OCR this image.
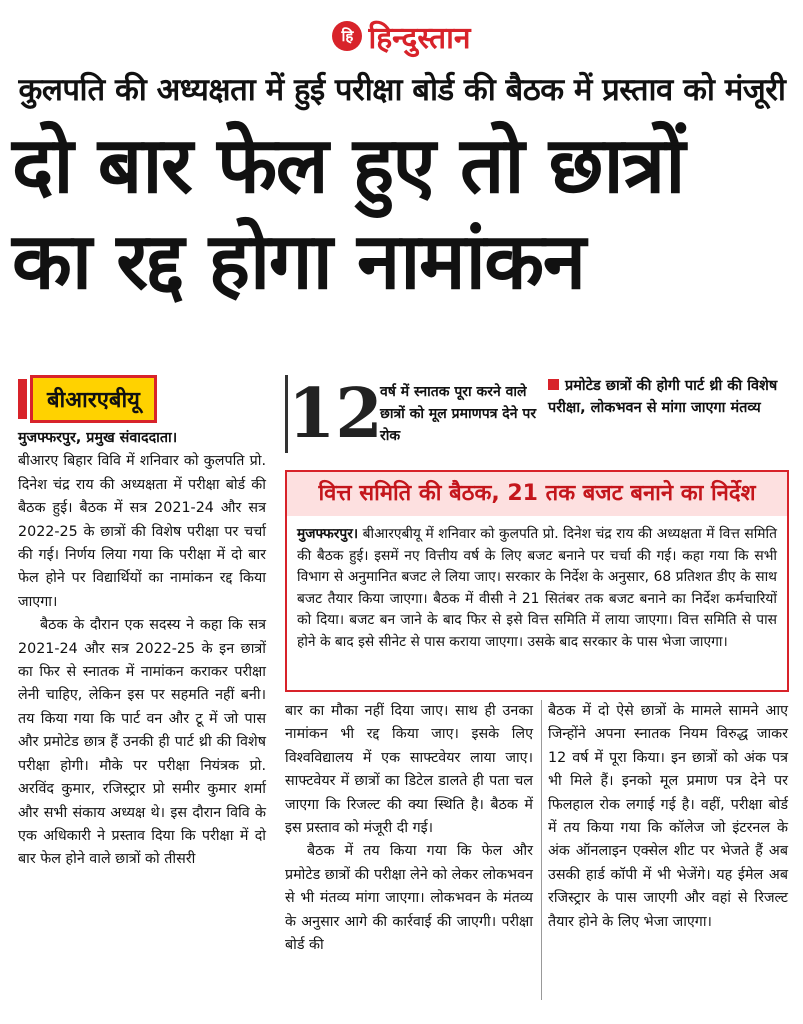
हि हिन्दुस्तान
कुलपति की अध्यक्षता में हुई परीक्षा बोर्ड की बैठक में प्रस्ताव को मंजूरी
दो बार फेल हुए तो छात्रों
का रद्द होगा नामांकन
बीआरएबीयू

मुजफ्फरपुर, प्रमुख संवाददाता।

बीआरए बिहार विवि में शनिवार को कुलपति प्रो. दिनेश चंद्र राय की अध्यक्षता में परीक्षा बोर्ड की बैठक हुई। बैठक में सत्र 2021-24 और सत्र 2022-25 के छात्रों की विशेष परीक्षा पर चर्चा की गई। निर्णय लिया गया कि परीक्षा में दो बार फेल होने पर विद्यार्थियों का नामांकन रद्द किया जाएगा।

बैठक के दौरान एक सदस्य ने कहा कि सत्र 2021-24 और सत्र 2022-25 के इन छात्रों का फिर से स्नातक में नामांकन कराकर परीक्षा लेनी चाहिए, लेकिन इस पर सहमति नहीं बनी। तय किया गया कि पार्ट वन और टू में जो पास और प्रमोटेड छात्र हैं उनकी ही पार्ट थ्री की विशेष परीक्षा होगी। मौके पर परीक्षा नियंत्रक प्रो. अरविंद कुमार, रजिस्ट्रार प्रो समीर कुमार शर्मा और सभी संकाय अध्यक्ष थे। इस दौरान विवि के एक अधिकारी ने प्रस्ताव दिया कि परीक्षा में दो बार फेल होने वाले छात्रों को तीसरी

12
वर्ष में स्नातक पूरा करने वाले छात्रों को मूल प्रमाणपत्र देने पर रोक
प्रमोटेड छात्रों की होगी पार्ट थ्री की विशेष परीक्षा, लोकभवन से मांगा जाएगा मंतव्य
वित्त समिति की बैठक, 21 तक बजट बनाने का निर्देश
मुजफ्फरपुर। बीआरएबीयू में शनिवार को कुलपति प्रो. दिनेश चंद्र राय की अध्यक्षता में वित्त समिति की बैठक हुई। इसमें नए वित्तीय वर्ष के लिए बजट बनाने पर चर्चा की गई। कहा गया कि सभी विभाग से अनुमानित बजट ले लिया जाए। सरकार के निर्देश के अनुसार, 68 प्रतिशत डीए के साथ बजट तैयार किया जाएगा। बैठक में वीसी ने 21 सितंबर तक बजट बनाने का निर्देश कर्मचारियों को दिया। बजट बन जाने के बाद फिर से इसे वित्त समिति में लाया जाएगा। वित्त समिति से पास होने के बाद इसे सीनेट से पास कराया जाएगा। उसके बाद सरकार के पास भेजा जाएगा।

बार का मौका नहीं दिया जाए। साथ ही उनका नामांकन भी रद्द किया जाए। इसके लिए विश्वविद्यालय में एक साफ्टवेयर लाया जाए। साफ्टवेयर में छात्रों का डिटेल डालते ही पता चल जाएगा कि रिजल्ट की क्या स्थिति है। बैठक में इस प्रस्ताव को मंजूरी दी गई।

बैठक में तय किया गया कि फेल और प्रमोटेड छात्रों की परीक्षा लेने को लेकर लोकभवन से भी मंतव्य मांगा जाएगा। लोकभवन के मंतव्य के अनुसार आगे की कार्रवाई की जाएगी। परीक्षा बोर्ड की

बैठक में दो ऐसे छात्रों के मामले सामने आए जिन्होंने अपना स्नातक नियम विरुद्ध जाकर 12 वर्ष में पूरा किया। इन छात्रों को अंक पत्र भी मिले हैं। इनको मूल प्रमाण पत्र देने पर फिलहाल रोक लगाई गई है। वहीं, परीक्षा बोर्ड में तय किया गया कि कॉलेज जो इंटरनल के अंक ऑनलाइन एक्सेल शीट पर भेजते हैं अब उसकी हार्ड कॉपी में भी भेजेंगे। यह ईमेल अब रजिस्ट्रार के पास जाएगी और वहां से रिजल्ट तैयार होने के लिए भेजा जाएगा।
